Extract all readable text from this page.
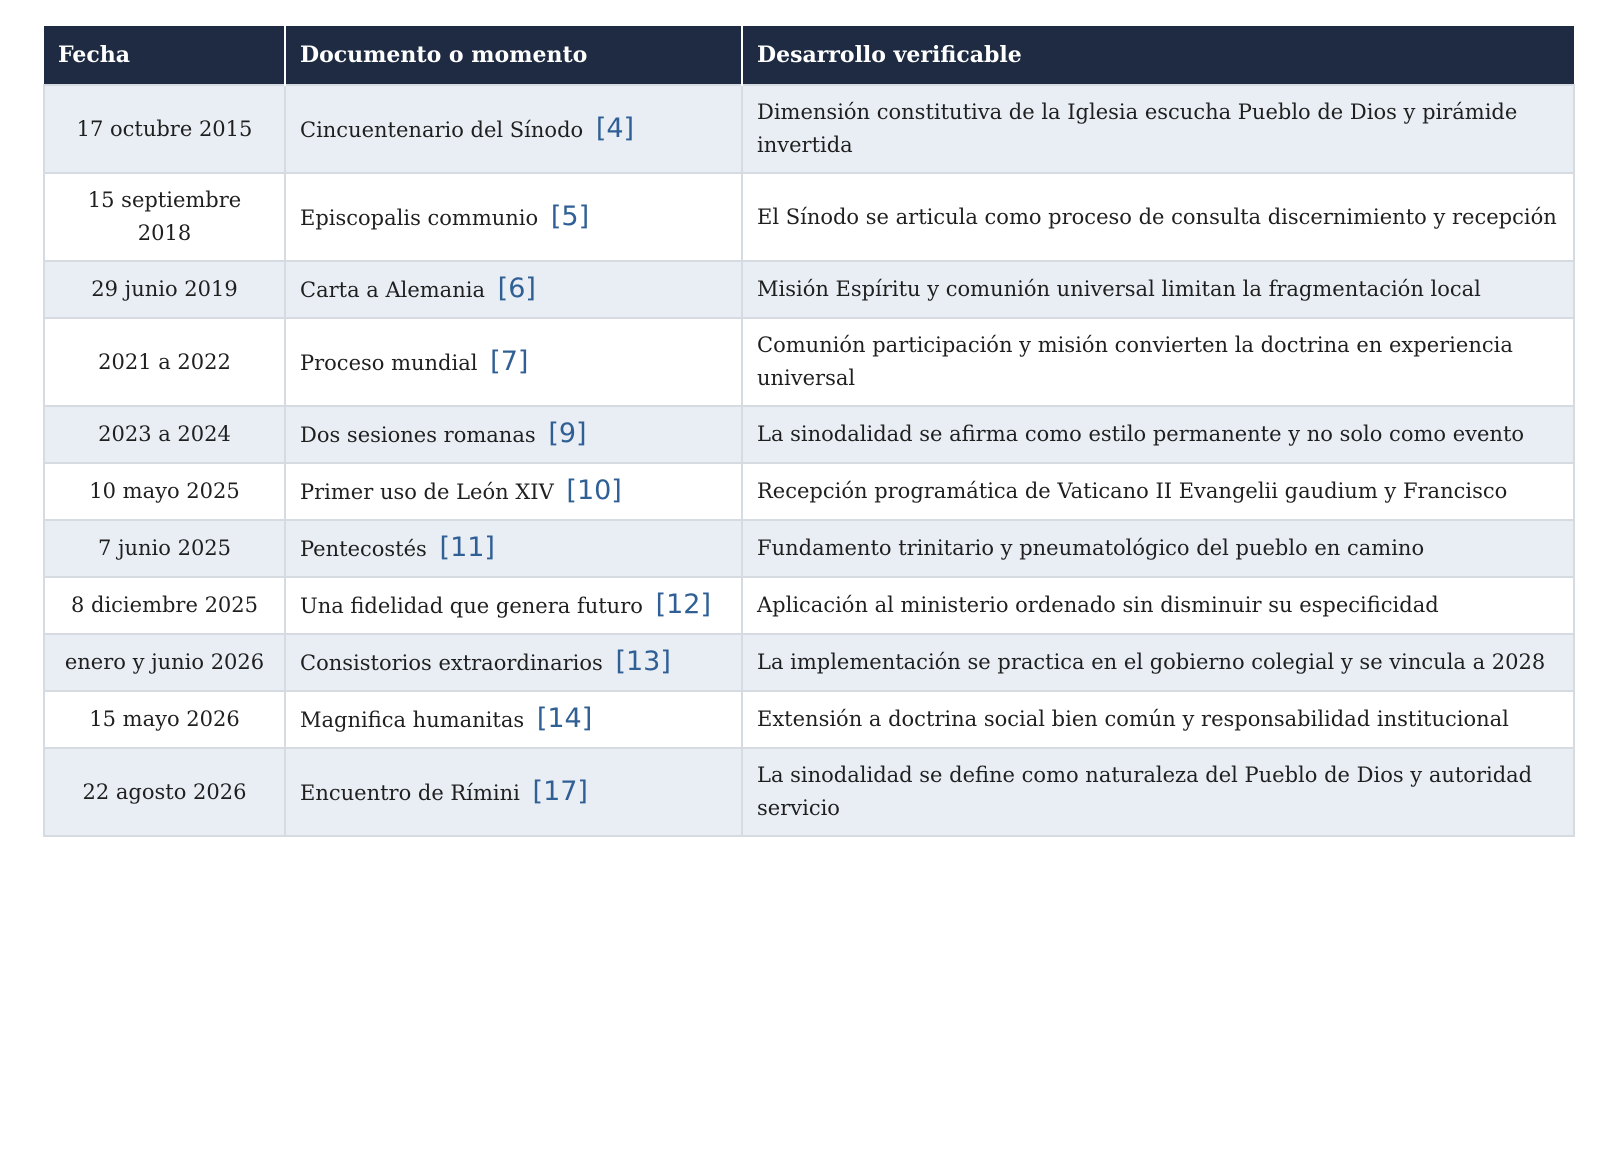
Fecha	Documento o momento	Desarrollo verificable
17 octubre 2015	Cincuentenario del Sínodo [4]	Dimensión constitutiva de la Iglesia escucha Pueblo de Dios y pirámide invertida
15 septiembre 2018	Episcopalis communio [5]	El Sínodo se articula como proceso de consulta discernimiento y recepción
29 junio 2019	Carta a Alemania [6]	Misión Espíritu y comunión universal limitan la fragmentación local
2021 a 2022	Proceso mundial [7]	Comunión participación y misión convierten la doctrina en experiencia universal
2023 a 2024	Dos sesiones romanas [9]	La sinodalidad se afirma como estilo permanente y no solo como evento
10 mayo 2025	Primer uso de León XIV [10]	Recepción programática de Vaticano II Evangelii gaudium y Francisco
7 junio 2025	Pentecostés [11]	Fundamento trinitario y pneumatológico del pueblo en camino
8 diciembre 2025	Una fidelidad que genera futuro [12]	Aplicación al ministerio ordenado sin disminuir su especificidad
enero y junio 2026	Consistorios extraordinarios [13]	La implementación se practica en el gobierno colegial y se vincula a 2028
15 mayo 2026	Magnifica humanitas [14]	Extensión a doctrina social bien común y responsabilidad institucional
22 agosto 2026	Encuentro de Rímini [17]	La sinodalidad se define como naturaleza del Pueblo de Dios y autoridad servicio
